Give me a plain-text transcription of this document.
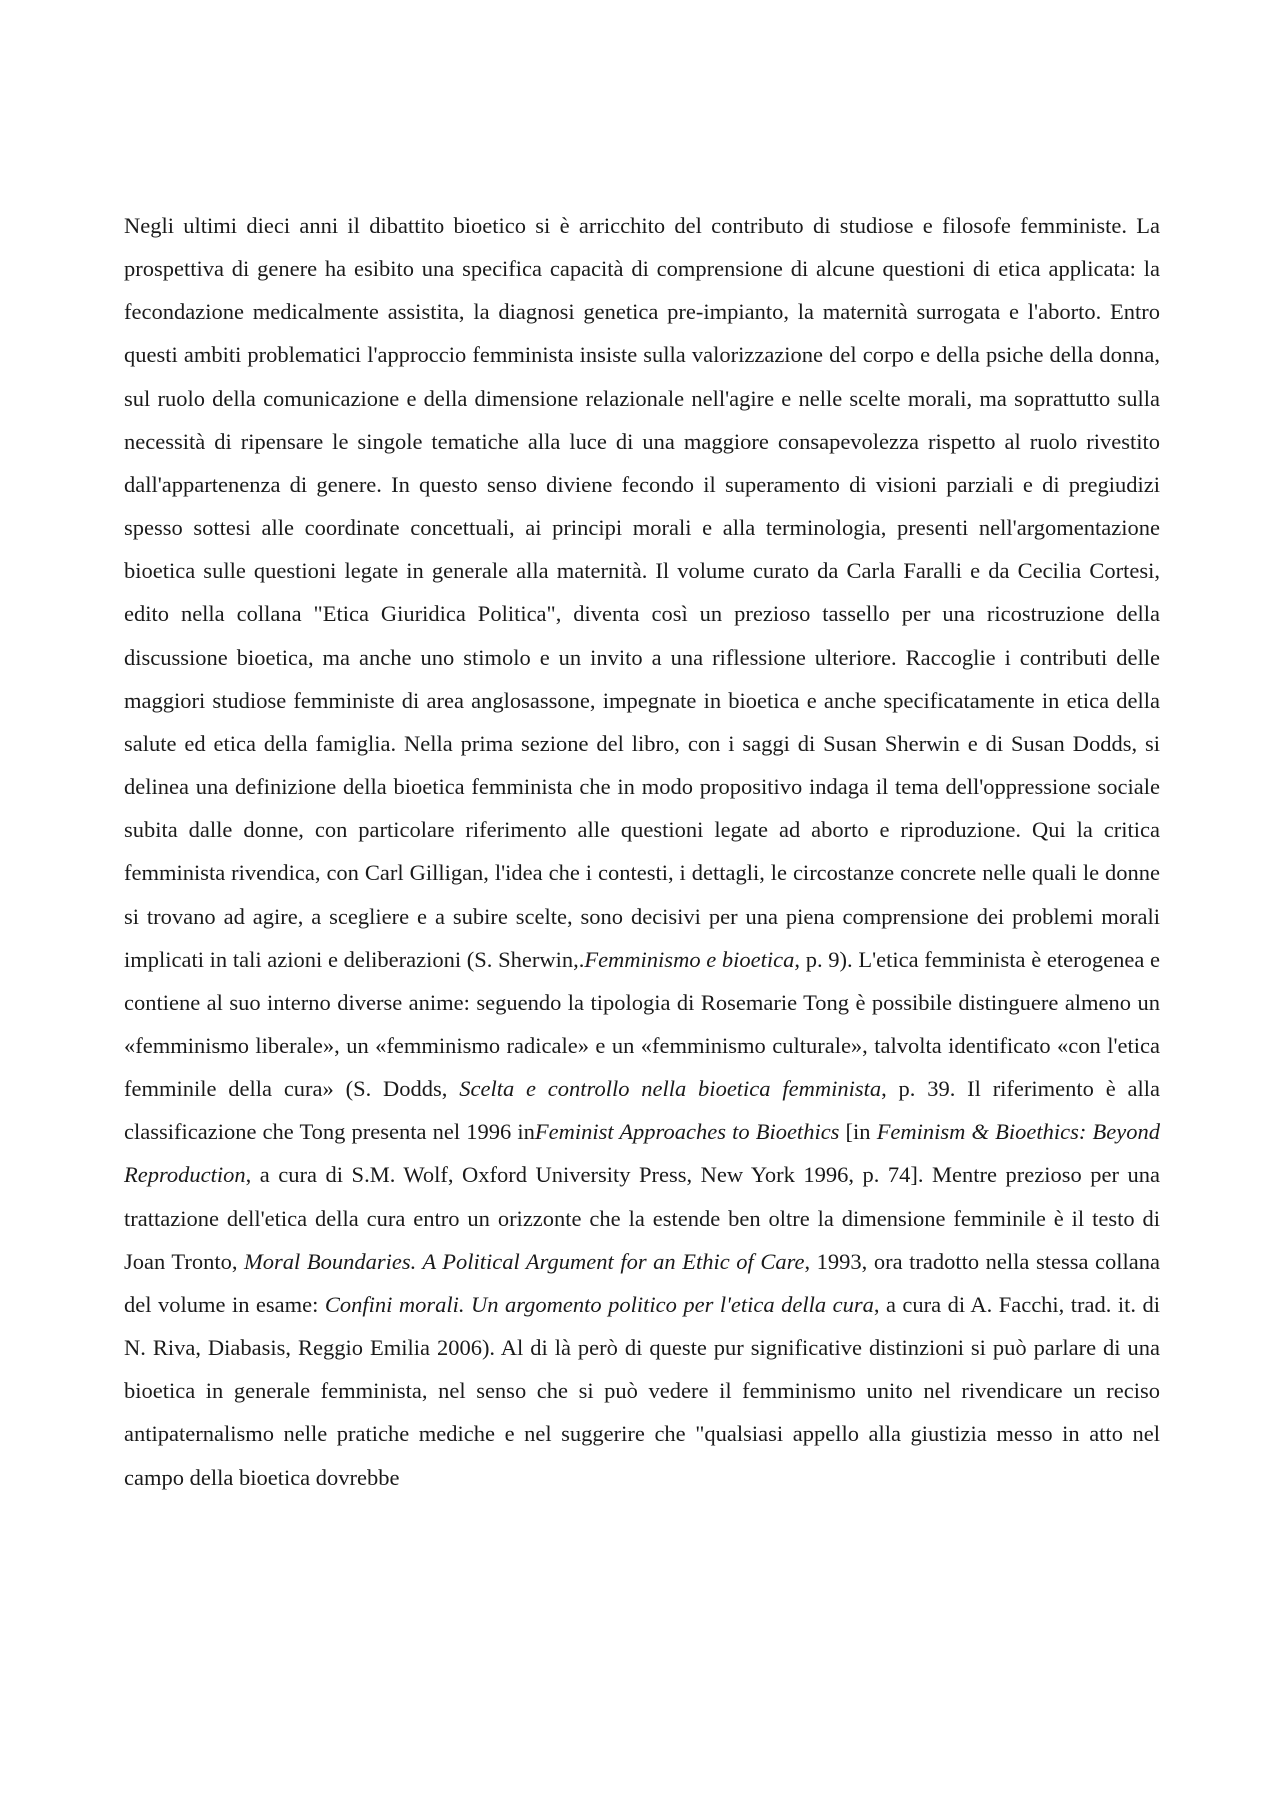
Negli ultimi dieci anni il dibattito bioetico si è arricchito del contributo di studiose e filosofe femministe. La prospettiva di genere ha esibito una specifica capacità di comprensione di alcune questioni di etica applicata: la fecondazione medicalmente assistita, la diagnosi genetica pre-impianto, la maternità surrogata e l'aborto. Entro questi ambiti problematici l'approccio femminista insiste sulla valorizzazione del corpo e della psiche della donna, sul ruolo della comunicazione e della dimensione relazionale nell'agire e nelle scelte morali, ma soprattutto sulla necessità di ripensare le singole tematiche alla luce di una maggiore consapevolezza rispetto al ruolo rivestito dall'appartenenza di genere. In questo senso diviene fecondo il superamento di visioni parziali e di pregiudizi spesso sottesi alle coordinate concettuali, ai principi morali e alla terminologia, presenti nell'argomentazione bioetica sulle questioni legate in generale alla maternità. Il volume curato da Carla Faralli e da Cecilia Cortesi, edito nella collana "Etica Giuridica Politica", diventa così un prezioso tassello per una ricostruzione della discussione bioetica, ma anche uno stimolo e un invito a una riflessione ulteriore. Raccoglie i contributi delle maggiori studiose femministe di area anglosassone, impegnate in bioetica e anche specificatamente in etica della salute ed etica della famiglia. Nella prima sezione del libro, con i saggi di Susan Sherwin e di Susan Dodds, si delinea una definizione della bioetica femminista che in modo propositivo indaga il tema dell'oppressione sociale subita dalle donne, con particolare riferimento alle questioni legate ad aborto e riproduzione. Qui la critica femminista rivendica, con Carl Gilligan, l'idea che i contesti, i dettagli, le circostanze concrete nelle quali le donne si trovano ad agire, a scegliere e a subire scelte, sono decisivi per una piena comprensione dei problemi morali implicati in tali azioni e deliberazioni (S. Sherwin,.Femminismo e bioetica, p. 9). L'etica femminista è eterogenea e contiene al suo interno diverse anime: seguendo la tipologia di Rosemarie Tong è possibile distinguere almeno un «femminismo liberale», un «femminismo radicale» e un «femminismo culturale», talvolta identificato «con l'etica femminile della cura» (S. Dodds, Scelta e controllo nella bioetica femminista, p. 39. Il riferimento è alla classificazione che Tong presenta nel 1996 inFeminist Approaches to Bioethics [in Feminism & Bioethics: Beyond Reproduction, a cura di S.M. Wolf, Oxford University Press, New York 1996, p. 74]. Mentre prezioso per una trattazione dell'etica della cura entro un orizzonte che la estende ben oltre la dimensione femminile è il testo di Joan Tronto, Moral Boundaries. A Political Argument for an Ethic of Care, 1993, ora tradotto nella stessa collana del volume in esame: Confini morali. Un argomento politico per l'etica della cura, a cura di A. Facchi, trad. it. di N. Riva, Diabasis, Reggio Emilia 2006). Al di là però di queste pur significative distinzioni si può parlare di una bioetica in generale femminista, nel senso che si può vedere il femminismo unito nel rivendicare un reciso antipaternalismo nelle pratiche mediche e nel suggerire che "qualsiasi appello alla giustizia messo in atto nel campo della bioetica dovrebbe
